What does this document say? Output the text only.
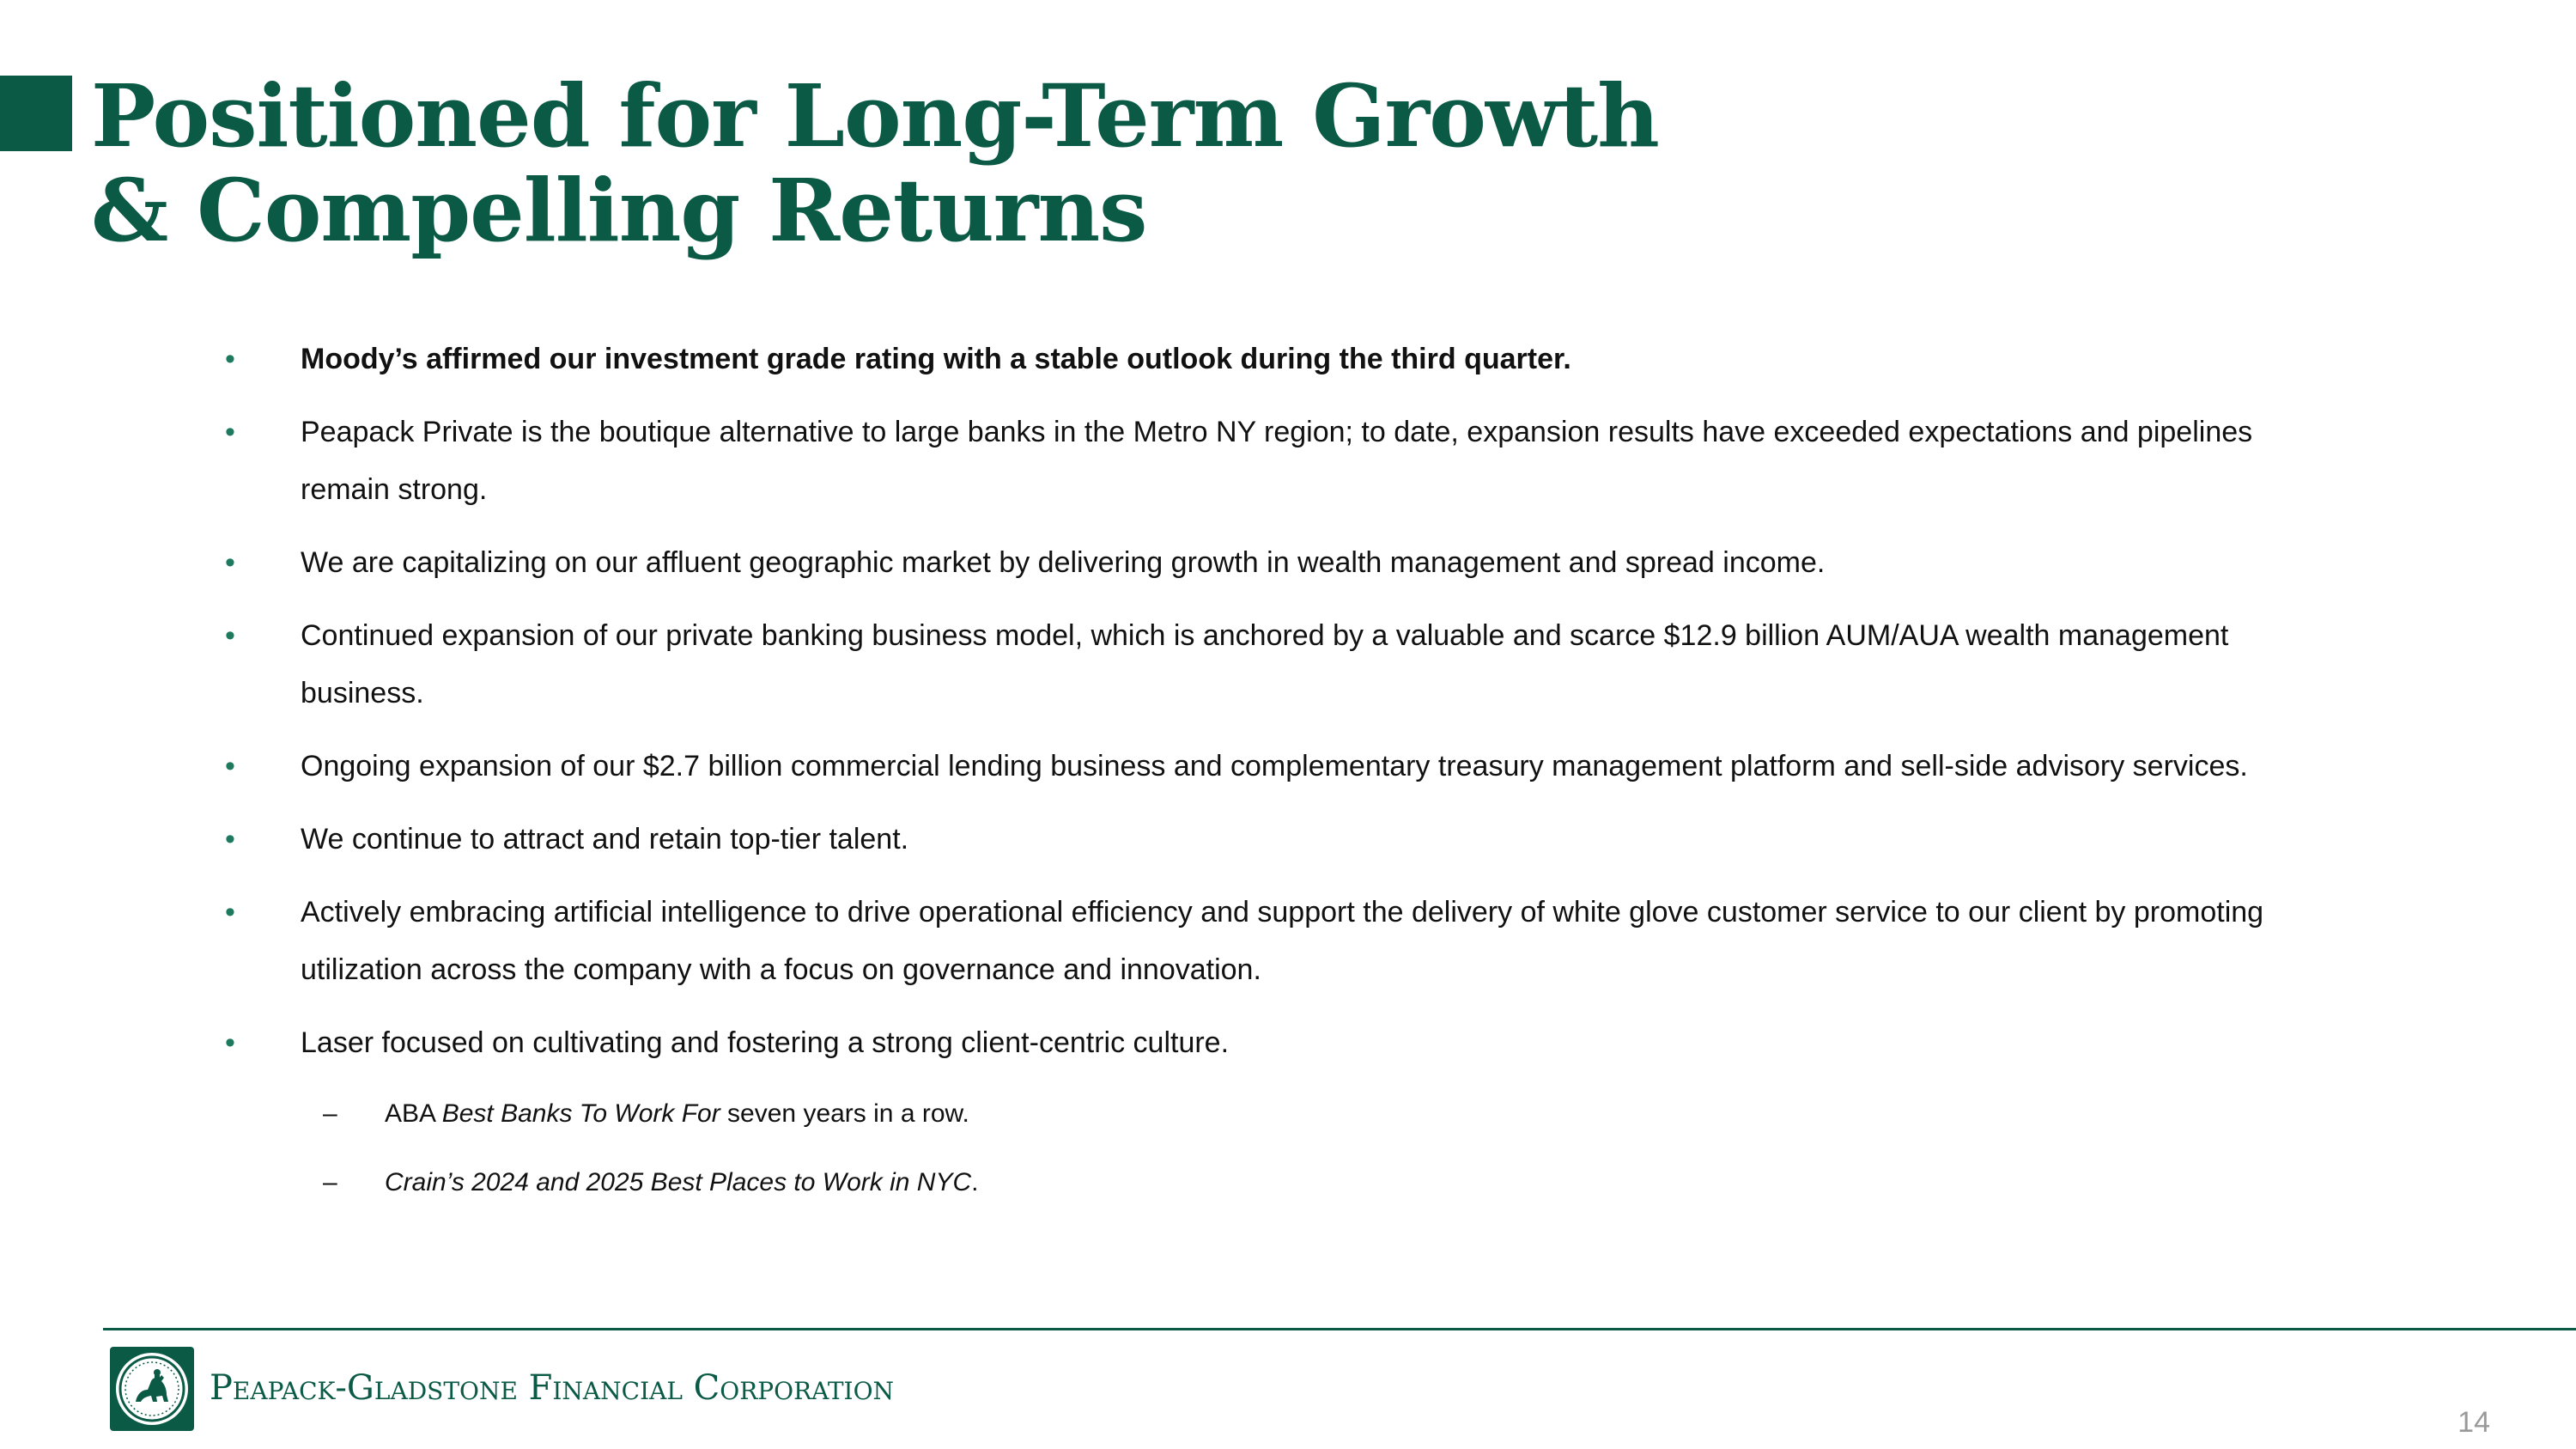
Positioned for Long-Term Growth
& Compelling Returns
•	Moody’s affirmed our investment grade rating with a stable outlook during the third quarter.
•	Peapack Private is the boutique alternative to large banks in the Metro NY region; to date, expansion results have exceeded expectations and pipelines remain strong.
•	We are capitalizing on our affluent geographic market by delivering growth in wealth management and spread income.
•	Continued expansion of our private banking business model, which is anchored by a valuable and scarce $12.9 billion AUM/AUA wealth management business.
•	Ongoing expansion of our $2.7 billion commercial lending business and complementary treasury management platform and sell-side advisory services.
•	We continue to attract and retain top-tier talent.
•	Actively embracing artificial intelligence to drive operational efficiency and support the delivery of white glove customer service to our client by promoting utilization across the company with a focus on governance and innovation.
•	Laser focused on cultivating and fostering a strong client-centric culture.
– ABA Best Banks To Work For seven years in a row.
– Crain’s 2024 and 2025 Best Places to Work in NYC.
Peapack-Gladstone Financial Corporation
14
